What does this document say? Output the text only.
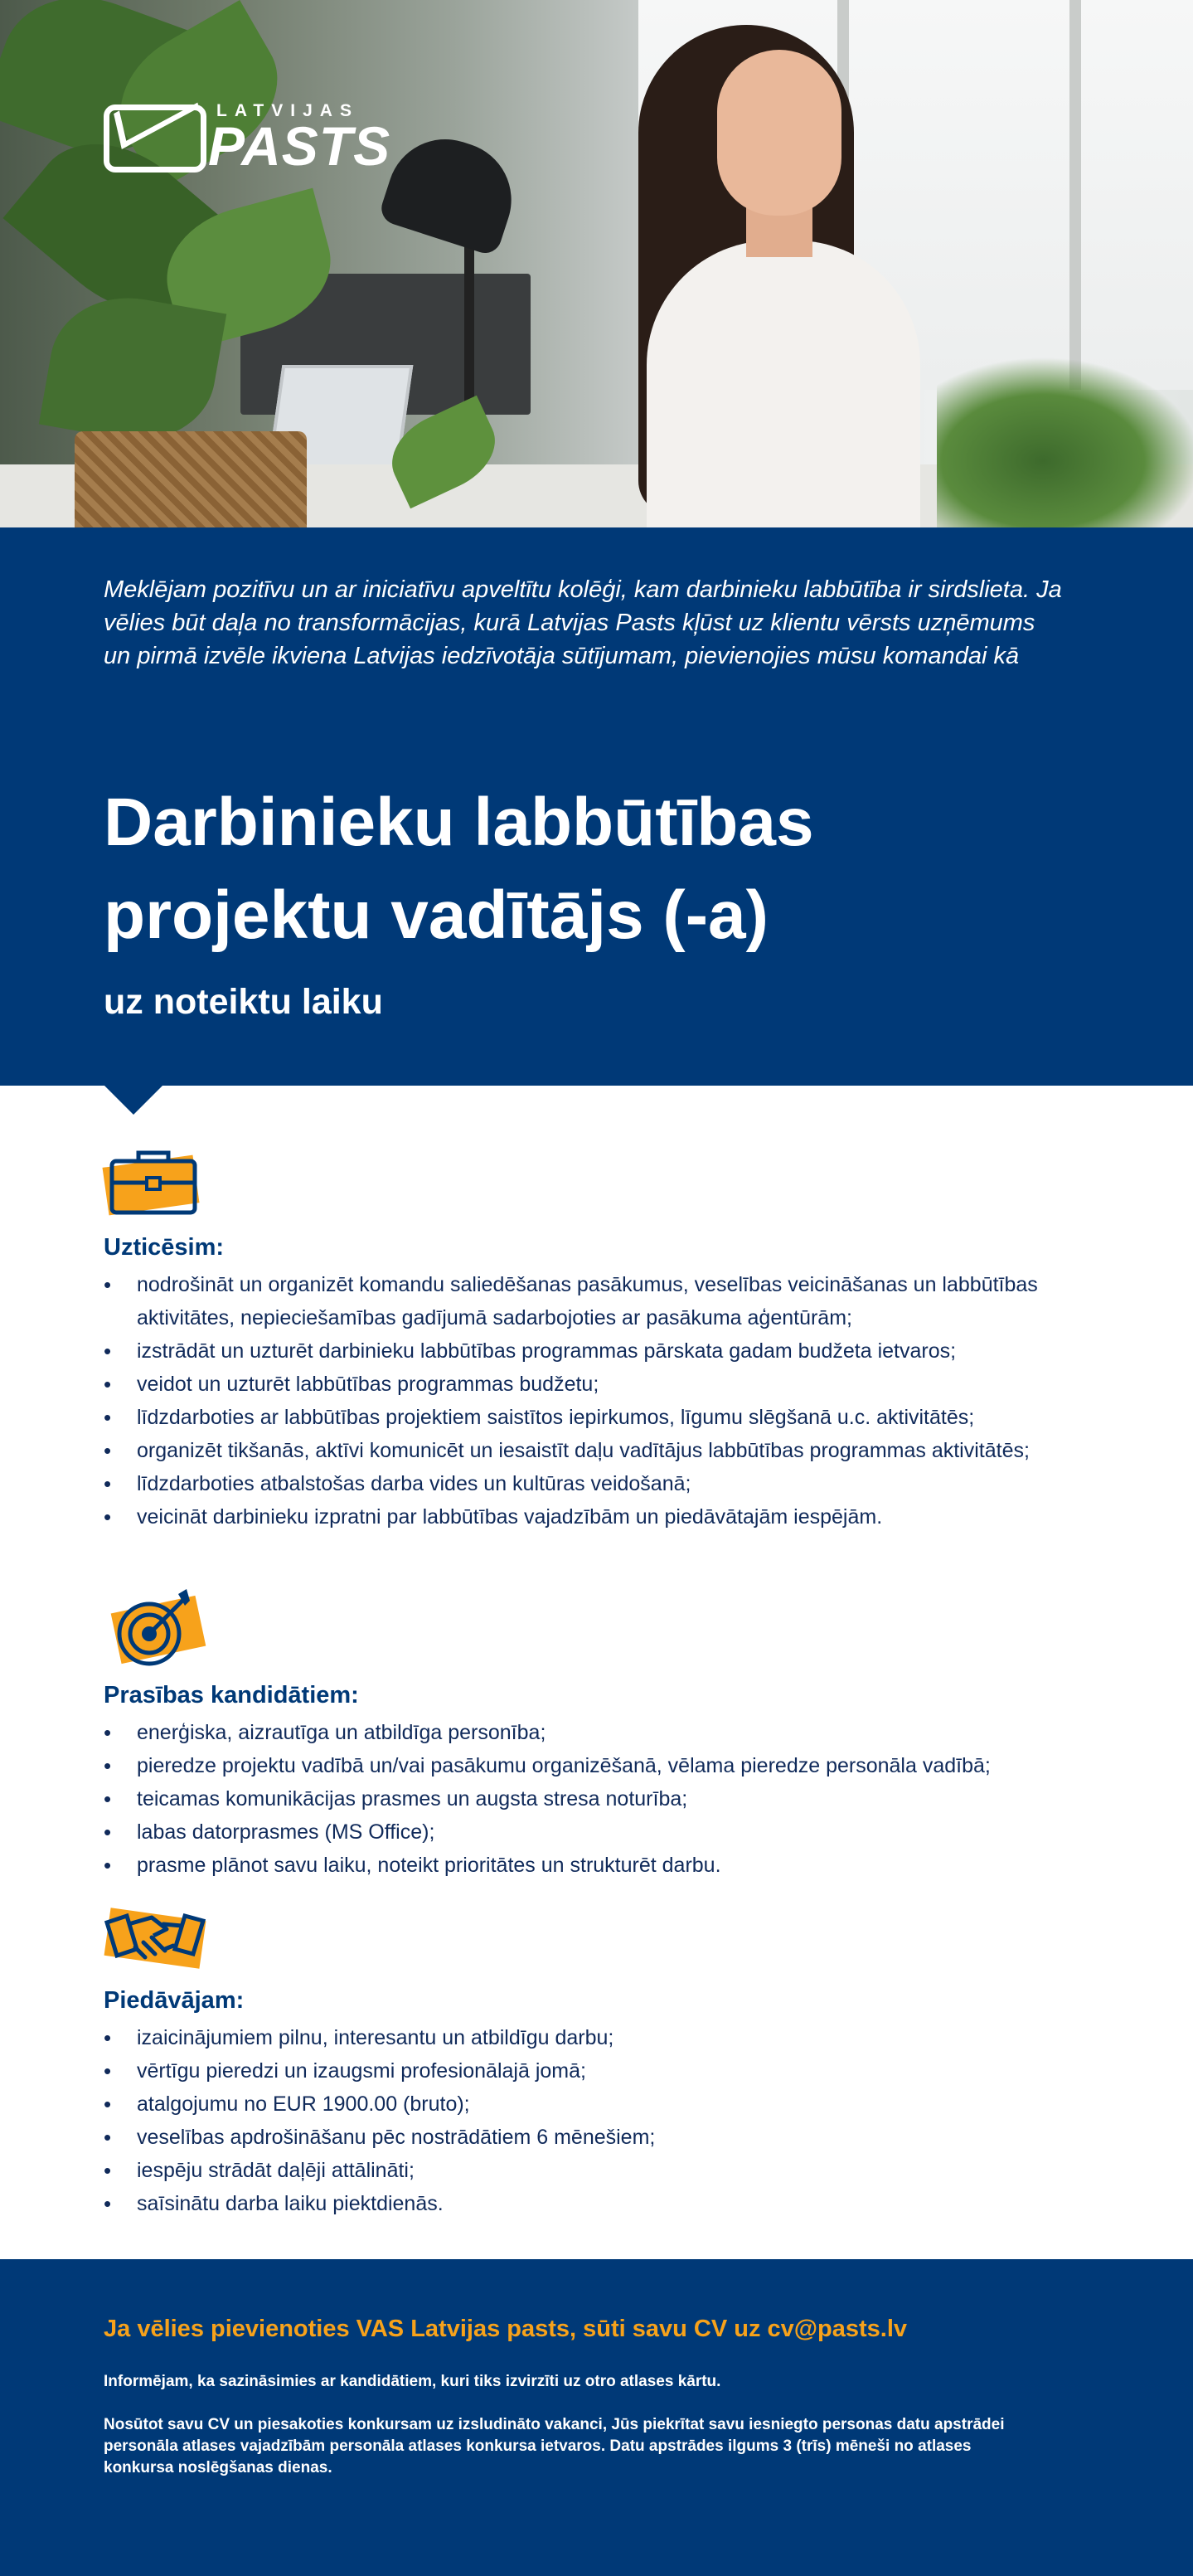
LATVIJAS
PASTS
Meklējam pozitīvu un ar iniciatīvu apveltītu kolēģi, kam darbinieku labbūtība ir sirdslieta. Ja vēlies būt daļa no transformācijas, kurā Latvijas Pasts kļūst uz klientu vērsts uzņēmums un pirmā izvēle ikviena Latvijas iedzīvotāja sūtījumam, pievienojies mūsu komandai kā
Darbinieku labbūtības projektu vadītājs (-a)
uz noteiktu laiku
Uzticēsim:
• nodrošināt un organizēt komandu saliedēšanas pasākumus, veselības veicināšanas un labbūtības aktivitātes, nepieciešamības gadījumā sadarbojoties ar pasākuma aģentūrām;
• izstrādāt un uzturēt darbinieku labbūtības programmas pārskata gadam budžeta ietvaros;
• veidot un uzturēt labbūtības programmas budžetu;
• līdzdarboties ar labbūtības projektiem saistītos iepirkumos, līgumu slēgšanā u.c. aktivitātēs;
• organizēt tikšanās, aktīvi komunicēt un iesaistīt daļu vadītājus labbūtības programmas aktivitātēs;
• līdzdarboties atbalstošas darba vides un kultūras veidošanā;
• veicināt darbinieku izpratni par labbūtības vajadzībām un piedāvātajām iespējām.
Prasības kandidātiem:
• enerģiska, aizrautīga un atbildīga personība;
• pieredze projektu vadībā un/vai pasākumu organizēšanā, vēlama pieredze personāla vadībā;
• teicamas komunikācijas prasmes un augsta stresa noturība;
• labas datorprasmes (MS Office);
• prasme plānot savu laiku, noteikt prioritātes un strukturēt darbu.
Piedāvājam:
• izaicinājumiem pilnu, interesantu un atbildīgu darbu;
• vērtīgu pieredzi un izaugsmi profesionālajā jomā;
• atalgojumu no EUR 1900.00 (bruto);
• veselības apdrošināšanu pēc nostrādātiem 6 mēnešiem;
• iespēju strādāt daļēji attālināti;
• saīsinātu darba laiku piektdienās.
Ja vēlies pievienoties VAS Latvijas pasts, sūti savu CV uz cv@pasts.lv
Informējam, ka sazināsimies ar kandidātiem, kuri tiks izvirzīti uz otro atlases kārtu.
Nosūtot savu CV un piesakoties konkursam uz izsludināto vakanci, Jūs piekrītat savu iesniegto personas datu apstrādei personāla atlases vajadzībām personāla atlases konkursa ietvaros. Datu apstrādes ilgums 3 (trīs) mēneši no atlases konkursa noslēgšanas dienas.
